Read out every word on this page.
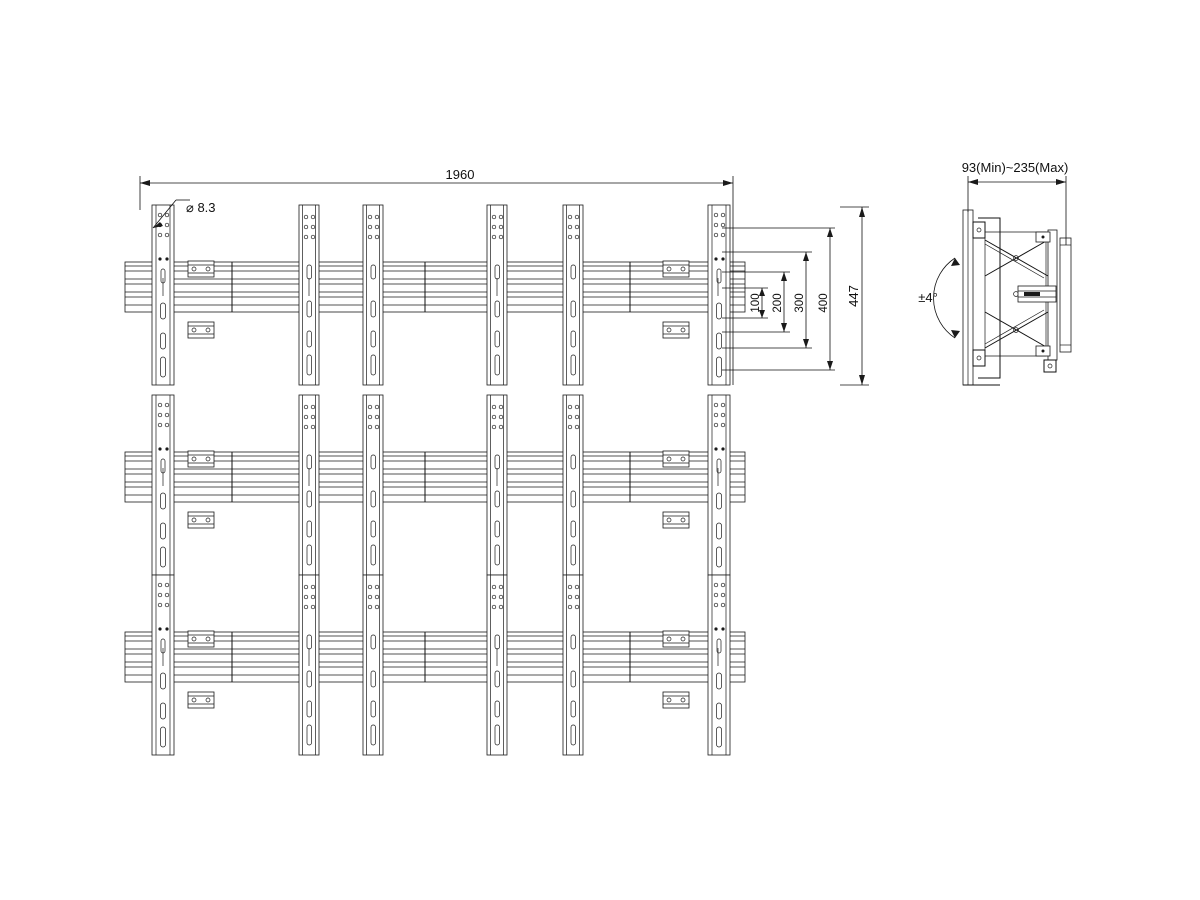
1960
⌀ 8.3
100 200 300 400 447
93(Min)~235(Max)
±4°
